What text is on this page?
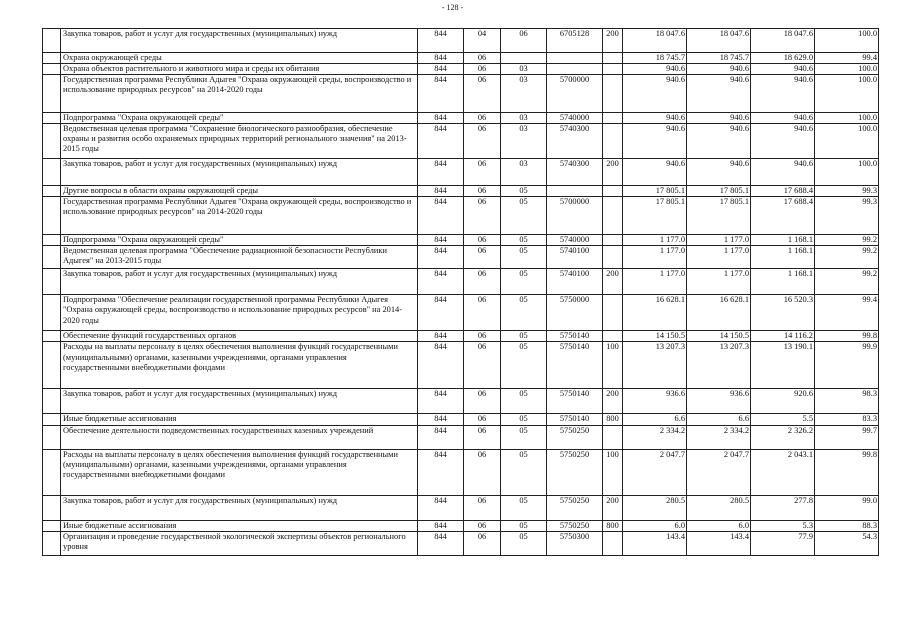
- 128 -
	Закупка товаров, работ и услуг для государственных (муниципальных) нужд	844	04	06	6705128	200	18 047.6	18 047.6	18 047.6	100.0
	Охрана окружающей среды	844	06				18 745.7	18 745.7	18 629.0	99.4
	Охрана объектов растительного и животного мира и среды их обитания	844	06	03			940.6	940.6	940.6	100.0
	Государственная программа Республики Адыгея "Охрана окружающей среды, воспроизводство и использование природных ресурсов" на 2014-2020 годы	844	06	03	5700000		940.6	940.6	940.6	100.0
	Подпрограмма "Охрана окружающей среды"	844	06	03	5740000		940.6	940.6	940.6	100.0
	Ведомственная целевая программа "Сохранение биологического разнообразия, обеспечение охраны и развития особо охраняемых природных территорий регионального значения" на 2013-2015 годы	844	06	03	5740300		940.6	940.6	940.6	100.0
	Закупка товаров, работ и услуг для государственных (муниципальных) нужд	844	06	03	5740300	200	940.6	940.6	940.6	100.0
	Другие вопросы в области охраны окружающей среды	844	06	05			17 805.1	17 805.1	17 688.4	99.3
	Государственная программа Республики Адыгея "Охрана окружающей среды, воспроизводство и использование природных ресурсов" на 2014-2020 годы	844	06	05	5700000		17 805.1	17 805.1	17 688.4	99.3
	Подпрограмма "Охрана окружающей среды"	844	06	05	5740000		1 177.0	1 177.0	1 168.1	99.2
	Ведомственная целевая программа "Обеспечение радиационной безопасности Республики Адыгея" на 2013-2015 годы	844	06	05	5740100		1 177.0	1 177.0	1 168.1	99.2
	Закупка товаров, работ и услуг для государственных (муниципальных) нужд	844	06	05	5740100	200	1 177.0	1 177.0	1 168.1	99.2
	Подпрограмма "Обеспечение реализации государственной программы Республики Адыгея "Охрана окружающей среды, воспроизводство и использование природных ресурсов" на 2014-2020 годы	844	06	05	5750000		16 628.1	16 628.1	16 520.3	99.4
	Обеспечение функций государственных органов	844	06	05	5750140		14 150.5	14 150.5	14 116.2	99.8
	Расходы на выплаты персоналу в целях обеспечения выполнения функций государственными (муниципальными) органами, казенными учреждениями, органами управления государственными внебюджетными фондами	844	06	05	5750140	100	13 207.3	13 207.3	13 190.1	99.9
	Закупка товаров, работ и услуг для государственных (муниципальных) нужд	844	06	05	5750140	200	936.6	936.6	920.6	98.3
	Иные бюджетные ассигнования	844	06	05	5750140	800	6.6	6.6	5.5	83.3
	Обеспечение деятельности подведомственных государственных казенных учреждений	844	06	05	5750250		2 334.2	2 334.2	2 326.2	99.7
	Расходы на выплаты персоналу в целях обеспечения выполнения функций государственными (муниципальными) органами, казенными учреждениями, органами управления государственными внебюджетными фондами	844	06	05	5750250	100	2 047.7	2 047.7	2 043.1	99.8
	Закупка товаров, работ и услуг для государственных (муниципальных) нужд	844	06	05	5750250	200	280.5	280.5	277.8	99.0
	Иные бюджетные ассигнования	844	06	05	5750250	800	6.0	6.0	5.3	88.3
	Организация и проведение государственной экологической экспертизы объектов регионального уровня	844	06	05	5750300		143.4	143.4	77.9	54.3
